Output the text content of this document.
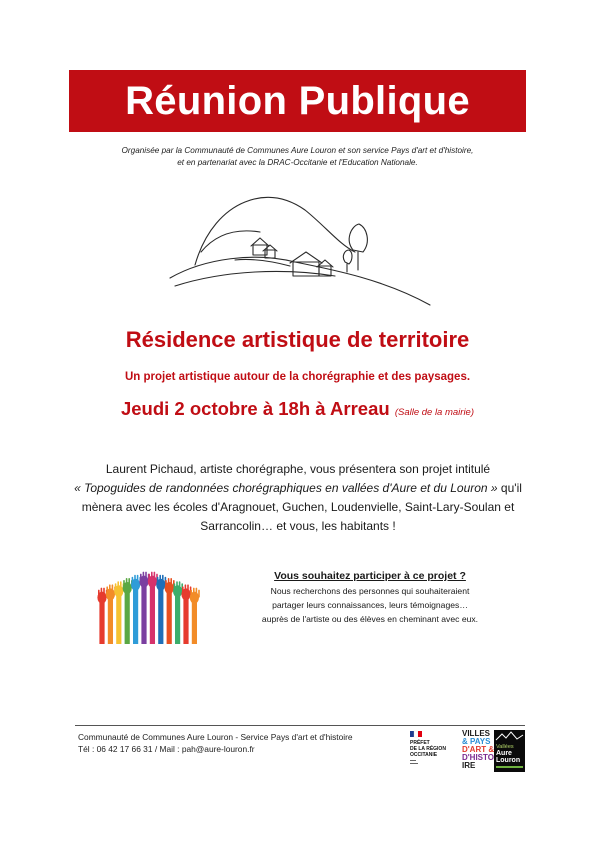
Réunion Publique
Organisée par la Communauté de Communes Aure Louron et son service Pays d'art et d'histoire,
et en partenariat avec la DRAC-Occitanie et l'Education Nationale.
Résidence artistique de territoire
Un projet artistique autour de la chorégraphie et des paysages.
Jeudi 2 octobre à 18h à Arreau (Salle de la mairie)
Laurent Pichaud, artiste chorégraphe, vous présentera son projet intitulé
« Topoguides de randonnées chorégraphiques en vallées d'Aure et du Louron » qu'il mènera avec les écoles d'Aragnouet, Guchen, Loudenvielle, Saint-Lary-Soulan et Sarrancolin… et vous, les habitants !
Vous souhaitez participer à ce projet ?
Nous recherchons des personnes qui souhaiteraient
partager leurs connaissances, leurs témoignages…
auprès de l'artiste ou des élèves en cheminant avec eux.
Communauté de Communes Aure Louron - Service Pays d'art et d'histoire
Tél : 06 42 17 66 31 / Mail : pah@aure-louron.fr
PRÉFET
DE LA RÉGION
OCCITANIE
VILLES
& PAYS
D'ART &
D'HISTO
IRE
Vallées
Aure
Louron
